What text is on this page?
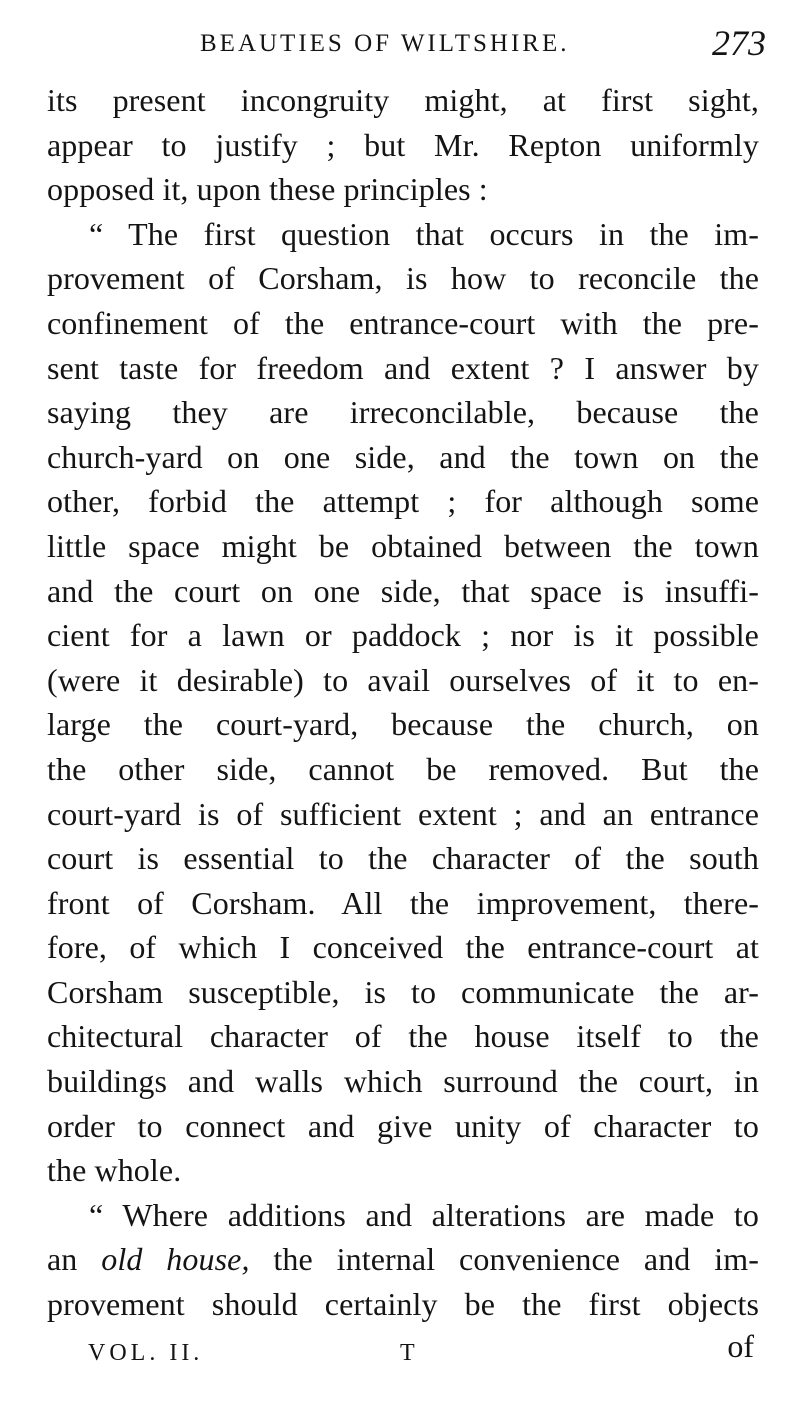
BEAUTIES OF WILTSHIRE.	273
its present incongruity might, at first sight,
appear to justify ; but Mr. Repton uniformly
opposed it, upon these principles :
“ The first question that occurs in the im-
provement of Corsham, is how to reconcile the
confinement of the entrance-court with the pre-
sent taste for freedom and extent ? I answer by
saying they are irreconcilable, because the
church-yard on one side, and the town on the
other, forbid the attempt ; for although some
little space might be obtained between the town
and the court on one side, that space is insuffi-
cient for a lawn or paddock ; nor is it possible
(were it desirable) to avail ourselves of it to en-
large the court-yard, because the church, on
the other side, cannot be removed. But the
court-yard is of sufficient extent ; and an entrance
court is essential to the character of the south
front of Corsham. All the improvement, there-
fore, of which I conceived the entrance-court at
Corsham susceptible, is to communicate the ar-
chitectural character of the house itself to the
buildings and walls which surround the court, in
order to connect and give unity of character to
the whole.
“ Where additions and alterations are made to
an old house, the internal convenience and im-
provement should certainly be the first objects
VOL. II.	T	of
